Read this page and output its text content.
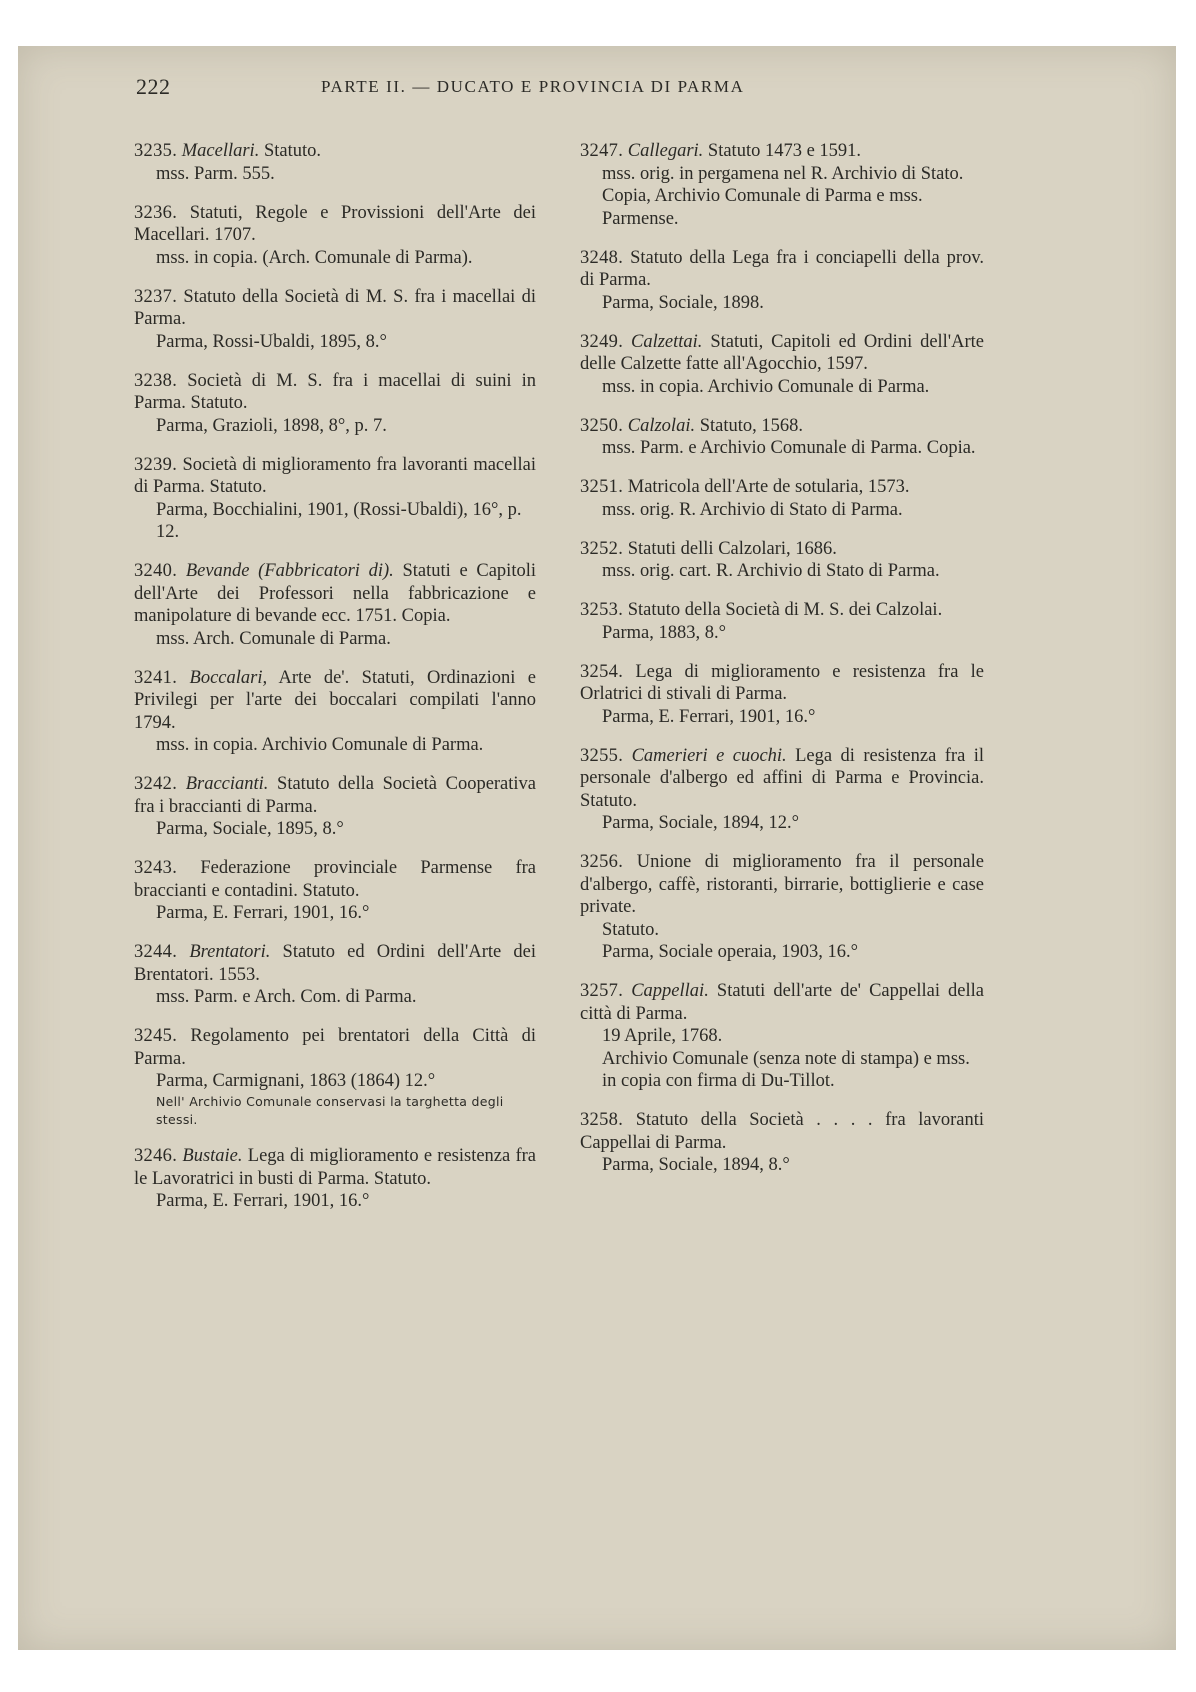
222	PARTE II. — DUCATO E PROVINCIA DI PARMA

3235. Macellari. Statuto.

mss. Parm. 555.

3236. Statuti, Regole e Provissioni dell'Arte dei Macellari. 1707.

mss. in copia. (Arch. Comunale di Parma).

3237. Statuto della Società di M. S. fra i macellai di Parma.

Parma, Rossi-Ubaldi, 1895, 8.°

3238. Società di M. S. fra i macellai di suini in Parma. Statuto.

Parma, Grazioli, 1898, 8°, p. 7.

3239. Società di miglioramento fra lavoranti macellai di Parma. Statuto.

Parma, Bocchialini, 1901, (Rossi-Ubaldi), 16°, p. 12.

3240. Bevande (Fabbricatori di). Statuti e Capitoli dell'Arte dei Professori nella fabbricazione e manipolature di bevande ecc. 1751. Copia.

mss. Arch. Comunale di Parma.

3241. Boccalari, Arte de'. Statuti, Ordinazioni e Privilegi per l'arte dei boccalari compilati l'anno 1794.

mss. in copia. Archivio Comunale di Parma.

3242. Braccianti. Statuto della Società Cooperativa fra i braccianti di Parma.

Parma, Sociale, 1895, 8.°

3243. Federazione provinciale Parmense fra braccianti e contadini. Statuto.

Parma, E. Ferrari, 1901, 16.°

3244. Brentatori. Statuto ed Ordini dell'Arte dei Brentatori. 1553.

mss. Parm. e Arch. Com. di Parma.

3245. Regolamento pei brentatori della Città di Parma.

Parma, Carmignani, 1863 (1864) 12.°

Nell' Archivio Comunale conservasi la targhetta degli stessi.

3246. Bustaie. Lega di miglioramento e resistenza fra le Lavoratrici in busti di Parma. Statuto.

Parma, E. Ferrari, 1901, 16.°

3247. Callegari. Statuto 1473 e 1591.

mss. orig. in pergamena nel R. Archivio di Stato. Copia, Archivio Comunale di Parma e mss. Parmense.

3248. Statuto della Lega fra i conciapelli della prov. di Parma.

Parma, Sociale, 1898.

3249. Calzettai. Statuti, Capitoli ed Ordini dell'Arte delle Calzette fatte all'Agocchio, 1597.

mss. in copia. Archivio Comunale di Parma.

3250. Calzolai. Statuto, 1568.

mss. Parm. e Archivio Comunale di Parma. Copia.

3251. Matricola dell'Arte de sotularia, 1573.

mss. orig. R. Archivio di Stato di Parma.

3252. Statuti delli Calzolari, 1686.

mss. orig. cart. R. Archivio di Stato di Parma.

3253. Statuto della Società di M. S. dei Calzolai.

Parma, 1883, 8.°

3254. Lega di miglioramento e resistenza fra le Orlatrici di stivali di Parma.

Parma, E. Ferrari, 1901, 16.°

3255. Camerieri e cuochi. Lega di resistenza fra il personale d'albergo ed affini di Parma e Provincia. Statuto.

Parma, Sociale, 1894, 12.°

3256. Unione di miglioramento fra il personale d'albergo, caffè, ristoranti, birrarie, bottiglierie e case private.

Statuto.

Parma, Sociale operaia, 1903, 16.°

3257. Cappellai. Statuti dell'arte de' Cappellai della città di Parma.

19 Aprile, 1768.

Archivio Comunale (senza note di stampa) e mss. in copia con firma di Du-Tillot.

3258. Statuto della Società . . . . fra lavoranti Cappellai di Parma.

Parma, Sociale, 1894, 8.°
